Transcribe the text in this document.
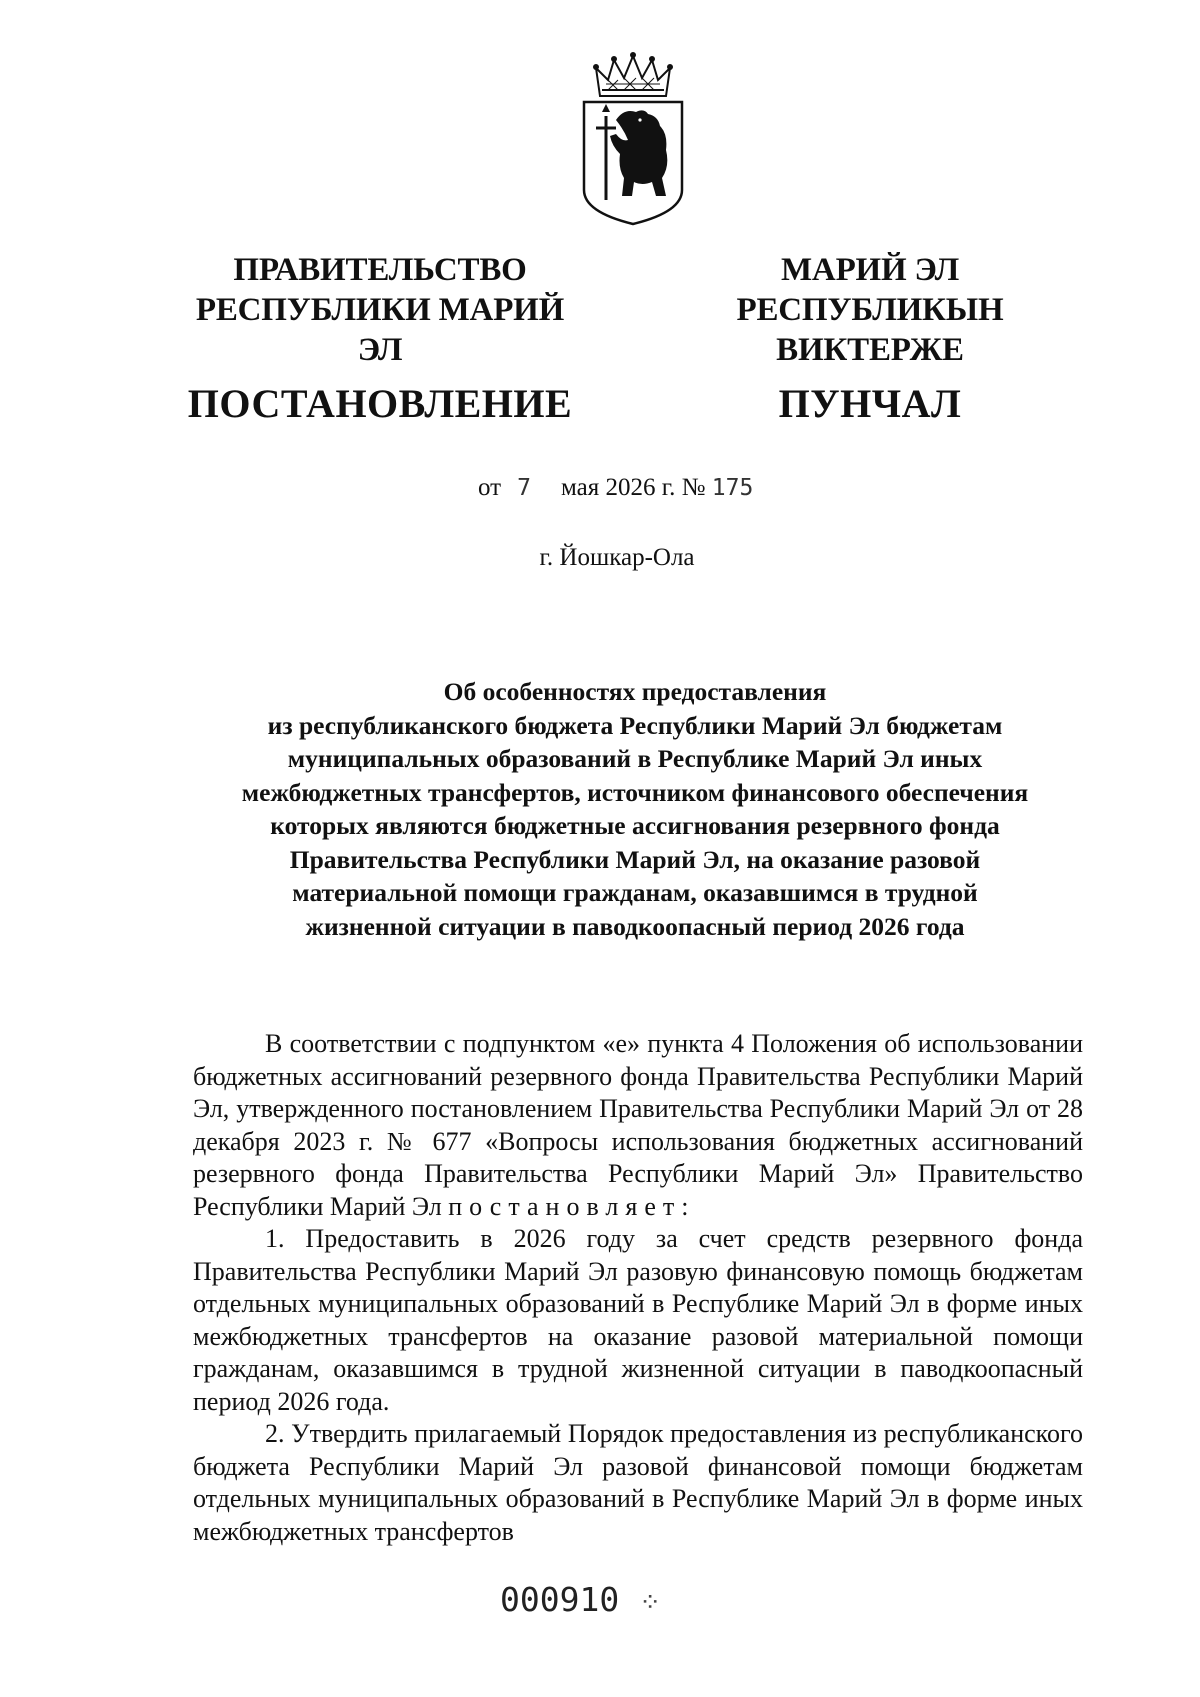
ПРАВИТЕЛЬСТВО
РЕСПУБЛИКИ МАРИЙ ЭЛ
ПОСТАНОВЛЕНИЕ
МАРИЙ ЭЛ РЕСПУБЛИКЫН
ВИКТЕРЖЕ
ПУНЧАЛ
от 7 мая 2026 г. № 175
г. Йошкар-Ола
Об особенностях предоставления
из республиканского бюджета Республики Марий Эл бюджетам
муниципальных образований в Республике Марий Эл иных
межбюджетных трансфертов, источником финансового обеспечения
которых являются бюджетные ассигнования резервного фонда
Правительства Республики Марий Эл, на оказание разовой
материальной помощи гражданам, оказавшимся в трудной
жизненной ситуации в паводкоопасный период 2026 года

В соответствии с подпунктом «е» пункта 4 Положения об использовании бюджетных ассигнований резервного фонда Правительства Республики Марий Эл, утвержденного постановлением Правительства Республики Марий Эл от 28 декабря 2023 г. № 677 «Вопросы использования бюджетных ассигнований резервного фонда Правительства Республики Марий Эл» Правительство Республики Марий Эл постановляет:

1. Предоставить в 2026 году за счет средств резервного фонда Правительства Республики Марий Эл разовую финансовую помощь бюджетам отдельных муниципальных образований в Республике Марий Эл в форме иных межбюджетных трансфертов на оказание разовой материальной помощи гражданам, оказавшимся в трудной жизненной ситуации в паводкоопасный период 2026 года.

2. Утвердить прилагаемый Порядок предоставления из республиканского бюджета Республики Марий Эл разовой финансовой помощи бюджетам отдельных муниципальных образований в Республике Марий Эл в форме иных межбюджетных трансфертов

000910 ⁘
